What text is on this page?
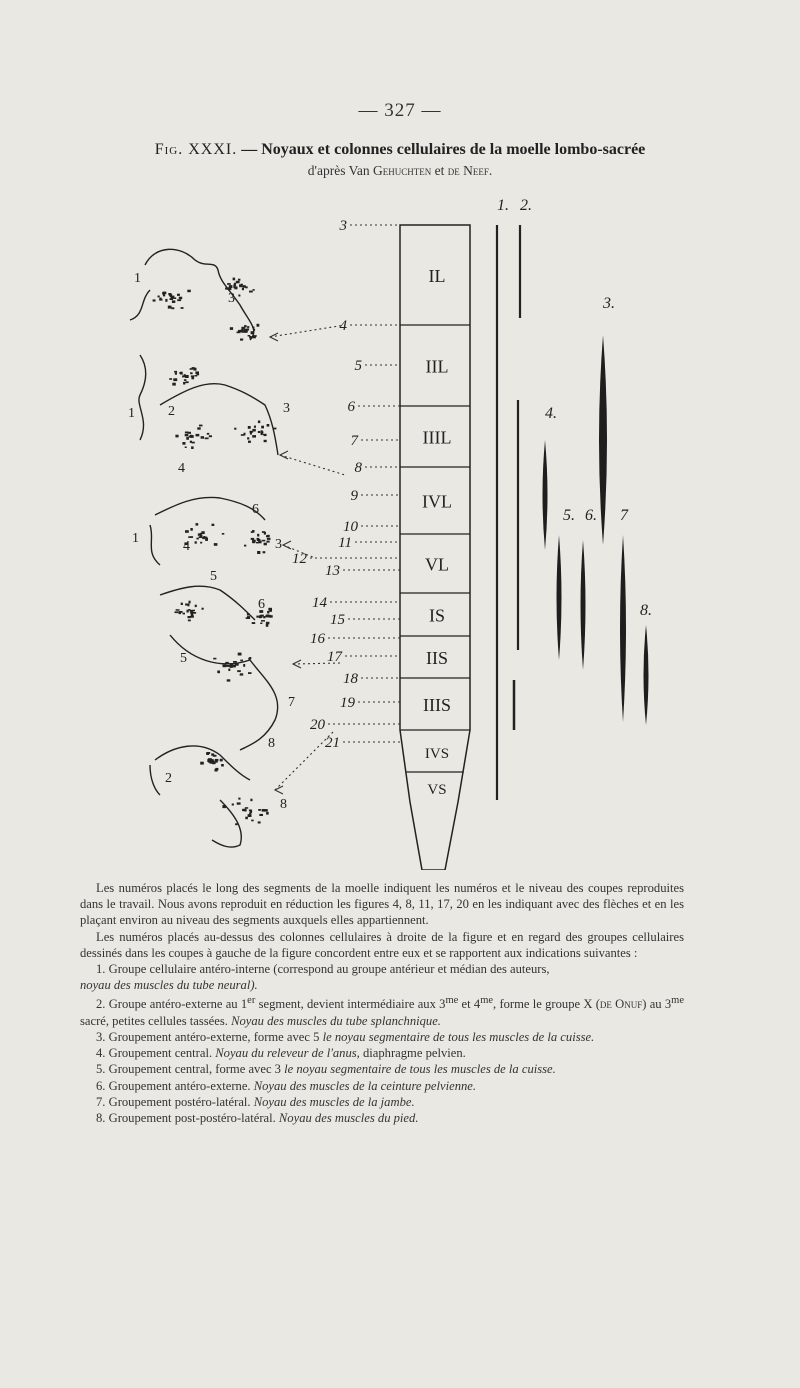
— 327 —
Fig. XXXI. — Noyaux et colonnes cellulaires de la moelle lombo-sacrée
d'après Van Gehuchten et de Neef.
IL
IIL
IIIL
IVL
VL
IS
IIS
IIIS
IVS
VS
3
4
5
6
7
8
9
10
11
12
13
14
15
16
17
18
19
20
21
1
3
1 2	3
4
1
4	3
6
5
6
5
7
8
2
8
1. 2.
3.
4.
5. 6. 7
8.

Les numéros placés le long des segments de la moelle indiquent les numéros et le niveau des coupes reproduites dans le travail. Nous avons reproduit en réduction les figures 4, 8, 11, 17, 20 en les indiquant avec des flèches et en les plaçant environ au niveau des segments auxquels elles appartiennent.

Les numéros placés au-dessus des colonnes cellulaires à droite de la figure et en regard des groupes cellulaires dessinés dans les coupes à gauche de la figure concordent entre eux et se rapportent aux indications suivantes :

1. Groupe cellulaire antéro-interne (correspond au groupe antérieur et médian des auteurs,
noyau des muscles du tube neural).

2. Groupe antéro-externe au 1er segment, devient intermédiaire aux $3^{me}$ et $4^{me}$, forme le groupe X (de Onuf) au $3^{me}$ sacré, petites cellules tassées. Noyau des muscles du tube splanchnique.

3. Groupement antéro-externe, forme avec 5 le noyau segmentaire de tous les muscles de la cuisse.

4. Groupement central. Noyau du releveur de l'anus, diaphragme pelvien.

5. Groupement central, forme avec 3 le noyau segmentaire de tous les muscles de la cuisse.

6. Groupement antéro-externe. Noyau des muscles de la ceinture pelvienne.

7. Groupement postéro-latéral. Noyau des muscles de la jambe.

8. Groupement post-postéro-latéral. Noyau des muscles du pied.
